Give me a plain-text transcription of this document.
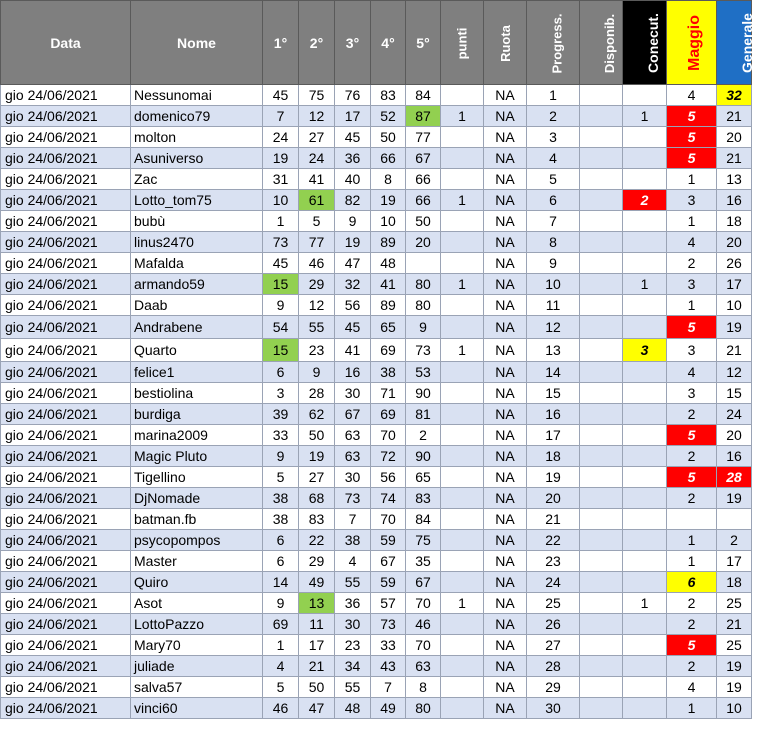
Data	Nome	1°	2°	3°	4°	5°	punti	Ruota	Progress.	Disponib.	Conecut.	Maggio	Generale
gio 24/06/2021	Nessunomai	45	75	76	83	84		NA	1			4	32
gio 24/06/2021	domenico79	7	12	17	52	87	1	NA	2		1	5	21
gio 24/06/2021	molton	24	27	45	50	77		NA	3			5	20
gio 24/06/2021	Asuniverso	19	24	36	66	67		NA	4			5	21
gio 24/06/2021	Zac	31	41	40	8	66		NA	5			1	13
gio 24/06/2021	Lotto_tom75	10	61	82	19	66	1	NA	6		2	3	16
gio 24/06/2021	bubù	1	5	9	10	50		NA	7			1	18
gio 24/06/2021	linus2470	73	77	19	89	20		NA	8			4	20
gio 24/06/2021	Mafalda	45	46	47	48			NA	9			2	26
gio 24/06/2021	armando59	15	29	32	41	80	1	NA	10		1	3	17
gio 24/06/2021	Daab	9	12	56	89	80		NA	11			1	10
gio 24/06/2021	Andrabene	54	55	45	65	9		NA	12			5	19
gio 24/06/2021	Quarto	15	23	41	69	73	1	NA	13		3	3	21
gio 24/06/2021	felice1	6	9	16	38	53		NA	14			4	12
gio 24/06/2021	bestiolina	3	28	30	71	90		NA	15			3	15
gio 24/06/2021	burdiga	39	62	67	69	81		NA	16			2	24
gio 24/06/2021	marina2009	33	50	63	70	2		NA	17			5	20
gio 24/06/2021	Magic Pluto	9	19	63	72	90		NA	18			2	16
gio 24/06/2021	Tigellino	5	27	30	56	65		NA	19			5	28
gio 24/06/2021	DjNomade	38	68	73	74	83		NA	20			2	19
gio 24/06/2021	batman.fb	38	83	7	70	84		NA	21				
gio 24/06/2021	psycopompos	6	22	38	59	75		NA	22			1	2
gio 24/06/2021	Master	6	29	4	67	35		NA	23			1	17
gio 24/06/2021	Quiro	14	49	55	59	67		NA	24			6	18
gio 24/06/2021	Asot	9	13	36	57	70	1	NA	25		1	2	25
gio 24/06/2021	LottoPazzo	69	11	30	73	46		NA	26			2	21
gio 24/06/2021	Mary70	1	17	23	33	70		NA	27			5	25
gio 24/06/2021	juliade	4	21	34	43	63		NA	28			2	19
gio 24/06/2021	salva57	5	50	55	7	8		NA	29			4	19
gio 24/06/2021	vinci60	46	47	48	49	80		NA	30			1	10
